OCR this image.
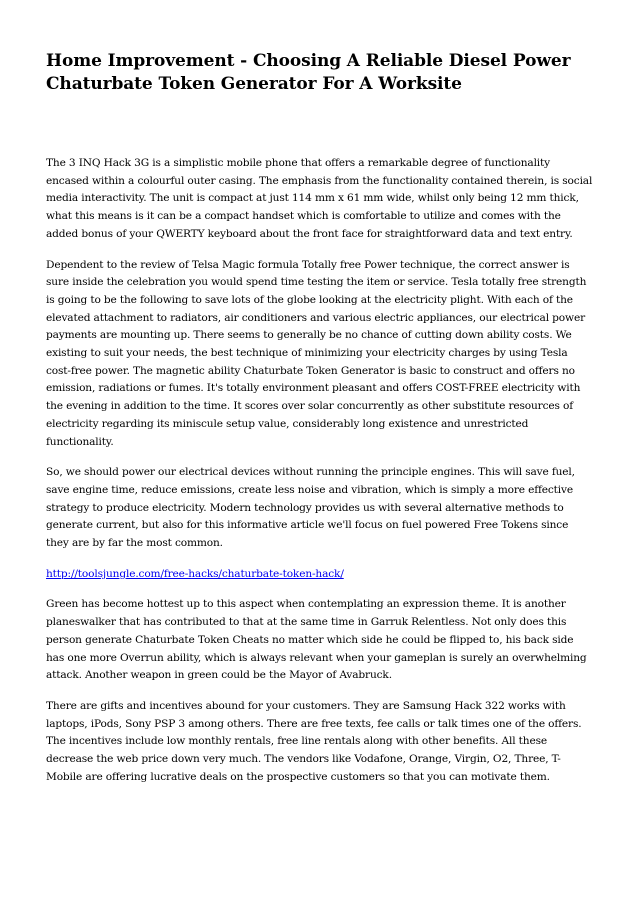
Home Improvement - Choosing A Reliable Diesel Power Chaturbate Token Generator For A Worksite

The 3 INQ Hack 3G is a simplistic mobile phone that offers a remarkable degree of functionality encased within a colourful outer casing. The emphasis from the functionality contained therein, is social media interactivity. The unit is compact at just 114 mm x 61 mm wide, whilst only being 12 mm thick, what this means is it can be a compact handset which is comfortable to utilize and comes with the added bonus of your QWERTY keyboard about the front face for straightforward data and text entry.

Dependent to the review of Telsa Magic formula Totally free Power technique, the correct answer is sure inside the celebration you would spend time testing the item or service. Tesla totally free strength is going to be the following to save lots of the globe looking at the electricity plight. With each of the elevated attachment to radiators, air conditioners and various electric appliances, our electrical power payments are mounting up. There seems to generally be no chance of cutting down ability costs. We existing to suit your needs, the best technique of minimizing your electricity charges by using Tesla cost-free power. The magnetic ability Chaturbate Token Generator is basic to construct and offers no emission, radiations or fumes. It's totally environment pleasant and offers COST-FREE electricity with the evening in addition to the time. It scores over solar concurrently as other substitute resources of electricity regarding its miniscule setup value, considerably long existence and unrestricted functionality.

So, we should power our electrical devices without running the principle engines. This will save fuel, save engine time, reduce emissions, create less noise and vibration, which is simply a more effective strategy to produce electricity. Modern technology provides us with several alternative methods to generate current, but also for this informative article we'll focus on fuel powered Free Tokens since they are by far the most common.

http://toolsjungle.com/free-hacks/chaturbate-token-hack/

Green has become hottest up to this aspect when contemplating an expression theme. It is another planeswalker that has contributed to that at the same time in Garruk Relentless. Not only does this person generate Chaturbate Token Cheats no matter which side he could be flipped to, his back side has one more Overrun ability, which is always relevant when your gameplan is surely an overwhelming attack. Another weapon in green could be the Mayor of Avabruck.

There are gifts and incentives abound for your customers. They are Samsung Hack 322 works with laptops, iPods, Sony PSP 3 among others. There are free texts, fee calls or talk times one of the offers. The incentives include low monthly rentals, free line rentals along with other benefits. All these decrease the web price down very much. The vendors like Vodafone, Orange, Virgin, O2, Three, T-Mobile are offering lucrative deals on the prospective customers so that you can motivate them.
